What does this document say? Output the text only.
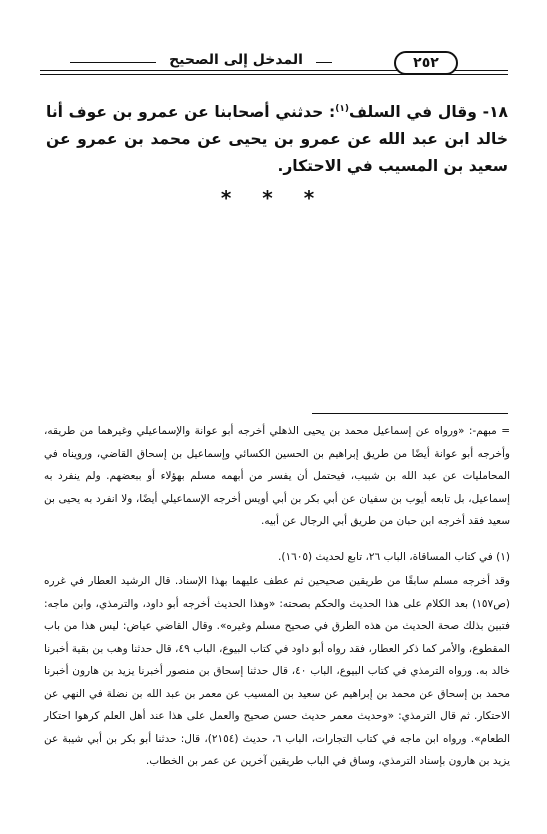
المدخل إلى الصحيح	٢٥٢
١٨- وقال في السلف$^{(١)}$: حدثني أصحابنا عن عمرو بن عوف أنا خالد ابن عبد الله عن عمرو بن يحيى عن محمد بن عمرو عن سعيد بن المسيب في الاحتكار.
* * *
= مبهم-: «ورواه عن إسماعيل محمد بن يحيى الذهلي أخرجه أبو عوانة والإسماعيلي وغيرهما من طريقه، وأخرجه أبو عوانة أيضًا من طريق إبراهيم بن الحسين الكسائي وإسماعيل بن إسحاق القاضي، ورويناه في المحامليات عن عبد الله بن شبيب، فيحتمل أن يفسر من أبهمه مسلم بهؤلاء أو ببعضهم. ولم ينفرد به إسماعيل، بل تابعه أيوب بن سفيان عن أبي بكر بن أبي أويس أخرجه الإسماعيلي أيضًا، ولا انفرد به يحيى بن سعيد فقد أخرجه ابن حبان من طريق أبي الرجال عن أبيه.
(١) في كتاب المساقاة، الباب ٢٦، تابع لحديث (١٦٠٥).
وقد أخرجه مسلم سابقًا من طريقين صحيحين ثم عطف عليهما بهذا الإسناد. قال الرشيد العطار في غرره (ص١٥٧) بعد الكلام على هذا الحديث والحكم بصحته: «وهذا الحديث أخرجه أبو داود، والترمذي، وابن ماجه: فتبين بذلك صحة الحديث من هذه الطرق في صحيح مسلم وغيره». وقال القاضي عياض: ليس هذا من باب المقطوع، والأمر كما ذكر العطار، فقد رواه أبو داود في كتاب البيوع، الباب ٤٩، قال حدثنا وهب بن بقية أخبرنا خالد به. ورواه الترمذي في كتاب البيوع، الباب ٤٠، قال حدثنا إسحاق بن منصور أخبرنا يزيد بن هارون أخبرنا محمد بن إسحاق عن محمد بن إبراهيم عن سعيد بن المسيب عن معمر بن عبد الله بن نضلة في النهي عن الاحتكار. ثم قال الترمذي: «وحديث معمر حديث حسن صحيح والعمل على هذا عند أهل العلم كرهوا احتكار الطعام». ورواه ابن ماجه في كتاب التجارات، الباب ٦، حديث (٢١٥٤)، قال: حدثنا أبو بكر بن أبي شيبة عن يزيد بن هارون بإسناد الترمذي، وساق في الباب طريقين آخرين عن عمر بن الخطاب.
